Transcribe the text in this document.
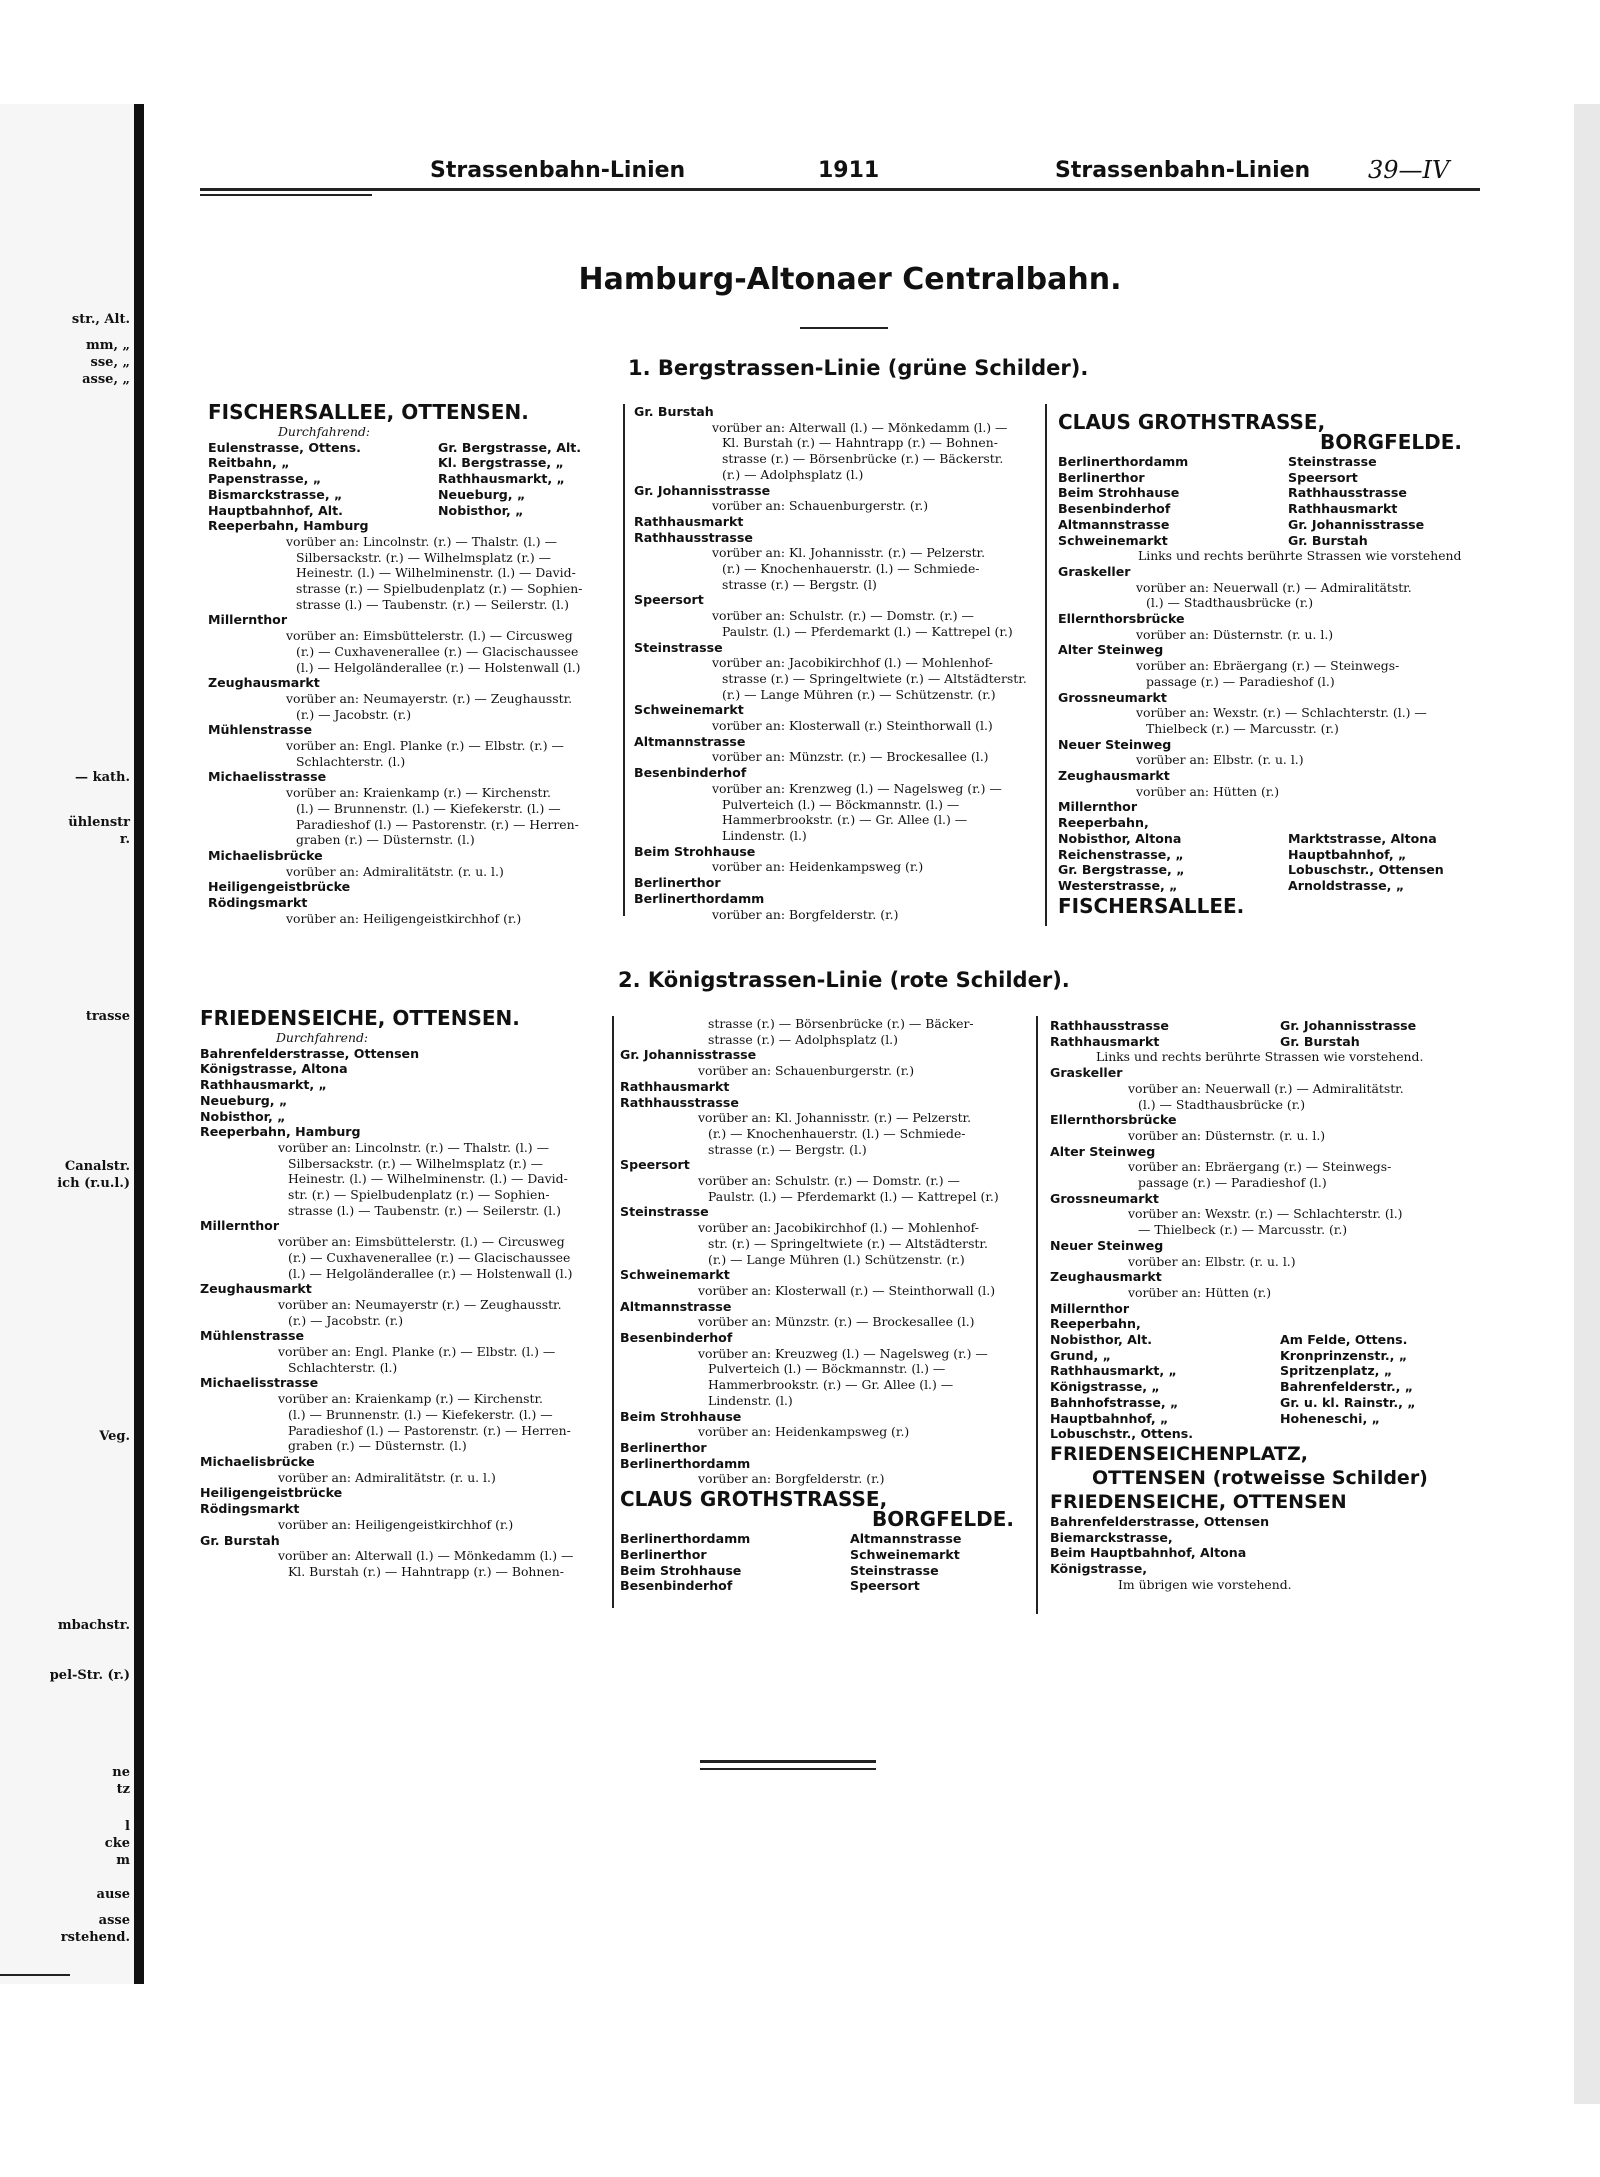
str., Alt.
mm, „
sse, „
asse, „
— kath.
ühlenstr
r.
trasse
Canalstr.
ich (r.u.l.)
Veg.
mbachstr.
pel-Str. (r.)
ne
tz
l
cke
m
ause
asse
rstehend.
Strassenbahn-Linien	1911	Strassenbahn-Linien 39—IV
Hamburg-Altonaer Centralbahn.
1. Bergstrassen-Linie (grüne Schilder).
FISCHERSALLEE, OTTENSEN.
Durchfahrend:
Eulenstrasse, Ottens.	Gr. Bergstrasse, Alt.
Reitbahn, „	Kl. Bergstrasse, „
Papenstrasse, „	Rathhausmarkt, „
Bismarckstrasse, „	Neueburg, „
Hauptbahnhof, Alt.	Nobisthor, „
Reeperbahn, Hamburg
vorüber an: Lincolnstr. (r.) — Thalstr. (l.) —
Silbersackstr. (r.) — Wilhelmsplatz (r.) —
Heinestr. (l.) — Wilhelminenstr. (l.) — David-
strasse (r.) — Spielbudenplatz (r.) — Sophien-
strasse (l.) — Taubenstr. (r.) — Seilerstr. (l.)
Millernthor
vorüber an: Eimsbüttelerstr. (l.) — Circusweg
(r.) — Cuxhavenerallee (r.) — Glacischaussee
(l.) — Helgoländerallee (r.) — Holstenwall (l.)
Zeughausmarkt
vorüber an: Neumayerstr. (r.) — Zeughausstr.
(r.) — Jacobstr. (r.)
Mühlenstrasse
vorüber an: Engl. Planke (r.) — Elbstr. (r.) —
Schlachterstr. (l.)
Michaelisstrasse
vorüber an: Kraienkamp (r.) — Kirchenstr.
(l.) — Brunnenstr. (l.) — Kiefekerstr. (l.) —
Paradieshof (l.) — Pastorenstr. (r.) — Herren-
graben (r.) — Düsternstr. (l.)
Michaelisbrücke
vorüber an: Admiralitätstr. (r. u. l.)
Heiligengeistbrücke
Rödingsmarkt
vorüber an: Heiligengeistkirchhof (r.)
Gr. Burstah
vorüber an: Alterwall (l.) — Mönkedamm (l.) —
Kl. Burstah (r.) — Hahntrapp (r.) — Bohnen-
strasse (r.) — Börsenbrücke (r.) — Bäckerstr.
(r.) — Adolphsplatz (l.)
Gr. Johannisstrasse
vorüber an: Schauenburgerstr. (r.)
Rathhausmarkt
Rathhausstrasse
vorüber an: Kl. Johannisstr. (r.) — Pelzerstr.
(r.) — Knochenhauerstr. (l.) — Schmiede-
strasse (r.) — Bergstr. (l)
Speersort
vorüber an: Schulstr. (r.) — Domstr. (r.) —
Paulstr. (l.) — Pferdemarkt (l.) — Kattrepel (r.)
Steinstrasse
vorüber an: Jacobikirchhof (l.) — Mohlenhof-
strasse (r.) — Springeltwiete (r.) — Altstädterstr.
(r.) — Lange Mühren (r.) — Schützenstr. (r.)
Schweinemarkt
vorüber an: Klosterwall (r.) Steinthorwall (l.)
Altmannstrasse
vorüber an: Münzstr. (r.) — Brockesallee (l.)
Besenbinderhof
vorüber an: Krenzweg (l.) — Nagelsweg (r.) —
Pulverteich (l.) — Böckmannstr. (l.) —
Hammerbrookstr. (r.) — Gr. Allee (l.) —
Lindenstr. (l.)
Beim Strohhause
vorüber an: Heidenkampsweg (r.)
Berlinerthor
Berlinerthordamm
vorüber an: Borgfelderstr. (r.)
CLAUS GROTHSTRASSE,
BORGFELDE.
Berlinerthordamm	Steinstrasse
Berlinerthor	Speersort
Beim Strohhause	Rathhausstrasse
Besenbinderhof	Rathhausmarkt
Altmannstrasse	Gr. Johannisstrasse
Schweinemarkt	Gr. Burstah
Links und rechts berührte Strassen wie vorstehend
Graskeller
vorüber an: Neuerwall (r.) — Admiralitätstr.
(l.) — Stadthausbrücke (r.)
Ellernthorsbrücke
vorüber an: Düsternstr. (r. u. l.)
Alter Steinweg
vorüber an: Ebräergang (r.) — Steinwegs-
passage (r.) — Paradieshof (l.)
Grossneumarkt
vorüber an: Wexstr. (r.) — Schlachterstr. (l.) —
Thielbeck (r.) — Marcusstr. (r.)
Neuer Steinweg
vorüber an: Elbstr. (r. u. l.)
Zeughausmarkt
vorüber an: Hütten (r.)
Millernthor
Reeperbahn,
Nobisthor, Altona	Marktstrasse, Altona
Reichenstrasse, „	Hauptbahnhof, „
Gr. Bergstrasse, „	Lobuschstr., Ottensen
Westerstrasse, „	Arnoldstrasse, „
FISCHERSALLEE.
2. Königstrassen-Linie (rote Schilder).
FRIEDENSEICHE, OTTENSEN.
Durchfahrend:
Bahrenfelderstrasse, Ottensen
Königstrasse, Altona
Rathhausmarkt, „
Neueburg, „
Nobisthor, „
Reeperbahn, Hamburg
vorüber an: Lincolnstr. (r.) — Thalstr. (l.) —
Silbersackstr. (r.) — Wilhelmsplatz (r.) —
Heinestr. (l.) — Wilhelminenstr. (l.) — David-
str. (r.) — Spielbudenplatz (r.) — Sophien-
strasse (l.) — Taubenstr. (r.) — Seilerstr. (l.)
Millernthor
vorüber an: Eimsbüttelerstr. (l.) — Circusweg
(r.) — Cuxhavenerallee (r.) — Glacischaussee
(l.) — Helgoländerallee (r.) — Holstenwall (l.)
Zeughausmarkt
vorüber an: Neumayerstr (r.) — Zeughausstr.
(r.) — Jacobstr. (r.)
Mühlenstrasse
vorüber an: Engl. Planke (r.) — Elbstr. (l.) —
Schlachterstr. (l.)
Michaelisstrasse
vorüber an: Kraienkamp (r.) — Kirchenstr.
(l.) — Brunnenstr. (l.) — Kiefekerstr. (l.) —
Paradieshof (l.) — Pastorenstr. (r.) — Herren-
graben (r.) — Düsternstr. (l.)
Michaelisbrücke
vorüber an: Admiralitätstr. (r. u. l.)
Heiligengeistbrücke
Rödingsmarkt
vorüber an: Heiligengeistkirchhof (r.)
Gr. Burstah
vorüber an: Alterwall (l.) — Mönkedamm (l.) —
Kl. Burstah (r.) — Hahntrapp (r.) — Bohnen-
strasse (r.) — Börsenbrücke (r.) — Bäcker-
strasse (r.) — Adolphsplatz (l.)
Gr. Johannisstrasse
vorüber an: Schauenburgerstr. (r.)
Rathhausmarkt
Rathhausstrasse
vorüber an: Kl. Johannisstr. (r.) — Pelzerstr.
(r.) — Knochenhauerstr. (l.) — Schmiede-
strasse (r.) — Bergstr. (l.)
Speersort
vorüber an: Schulstr. (r.) — Domstr. (r.) —
Paulstr. (l.) — Pferdemarkt (l.) — Kattrepel (r.)
Steinstrasse
vorüber an: Jacobikirchhof (l.) — Mohlenhof-
str. (r.) — Springeltwiete (r.) — Altstädterstr.
(r.) — Lange Mühren (l.) Schützenstr. (r.)
Schweinemarkt
vorüber an: Klosterwall (r.) — Steinthorwall (l.)
Altmannstrasse
vorüber an: Münzstr. (r.) — Brockesallee (l.)
Besenbinderhof
vorüber an: Kreuzweg (l.) — Nagelsweg (r.) —
Pulverteich (l.) — Böckmannstr. (l.) —
Hammerbrookstr. (r.) — Gr. Allee (l.) —
Lindenstr. (l.)
Beim Strohhause
vorüber an: Heidenkampsweg (r.)
Berlinerthor
Berlinerthordamm
vorüber an: Borgfelderstr. (r.)
CLAUS GROTHSTRASSE,
BORGFELDE.
Berlinerthordamm	Altmannstrasse
Berlinerthor	Schweinemarkt
Beim Strohhause	Steinstrasse
Besenbinderhof	Speersort
Rathhausstrasse	Gr. Johannisstrasse
Rathhausmarkt	Gr. Burstah
Links und rechts berührte Strassen wie vorstehend.
Graskeller
vorüber an: Neuerwall (r.) — Admiralitätstr.
(l.) — Stadthausbrücke (r.)
Ellernthorsbrücke
vorüber an: Düsternstr. (r. u. l.)
Alter Steinweg
vorüber an: Ebräergang (r.) — Steinwegs-
passage (r.) — Paradieshof (l.)
Grossneumarkt
vorüber an: Wexstr. (r.) — Schlachterstr. (l.)
— Thielbeck (r.) — Marcusstr. (r.)
Neuer Steinweg
vorüber an: Elbstr. (r. u. l.)
Zeughausmarkt
vorüber an: Hütten (r.)
Millernthor
Reeperbahn,
Nobisthor, Alt.	Am Felde, Ottens.
Grund, „	Kronprinzenstr., „
Rathhausmarkt, „	Spritzenplatz, „
Königstrasse, „	Bahrenfelderstr., „
Bahnhofstrasse, „	Gr. u. kl. Rainstr., „
Hauptbahnhof, „	Hoheneschi, „
Lobuschstr., Ottens.
FRIEDENSEICHENPLATZ,
OTTENSEN (rotweisse Schilder)
FRIEDENSEICHE, OTTENSEN
Bahrenfelderstrasse, Ottensen
Biemarckstrasse,
Beim Hauptbahnhof, Altona
Königstrasse,
Im übrigen wie vorstehend.
